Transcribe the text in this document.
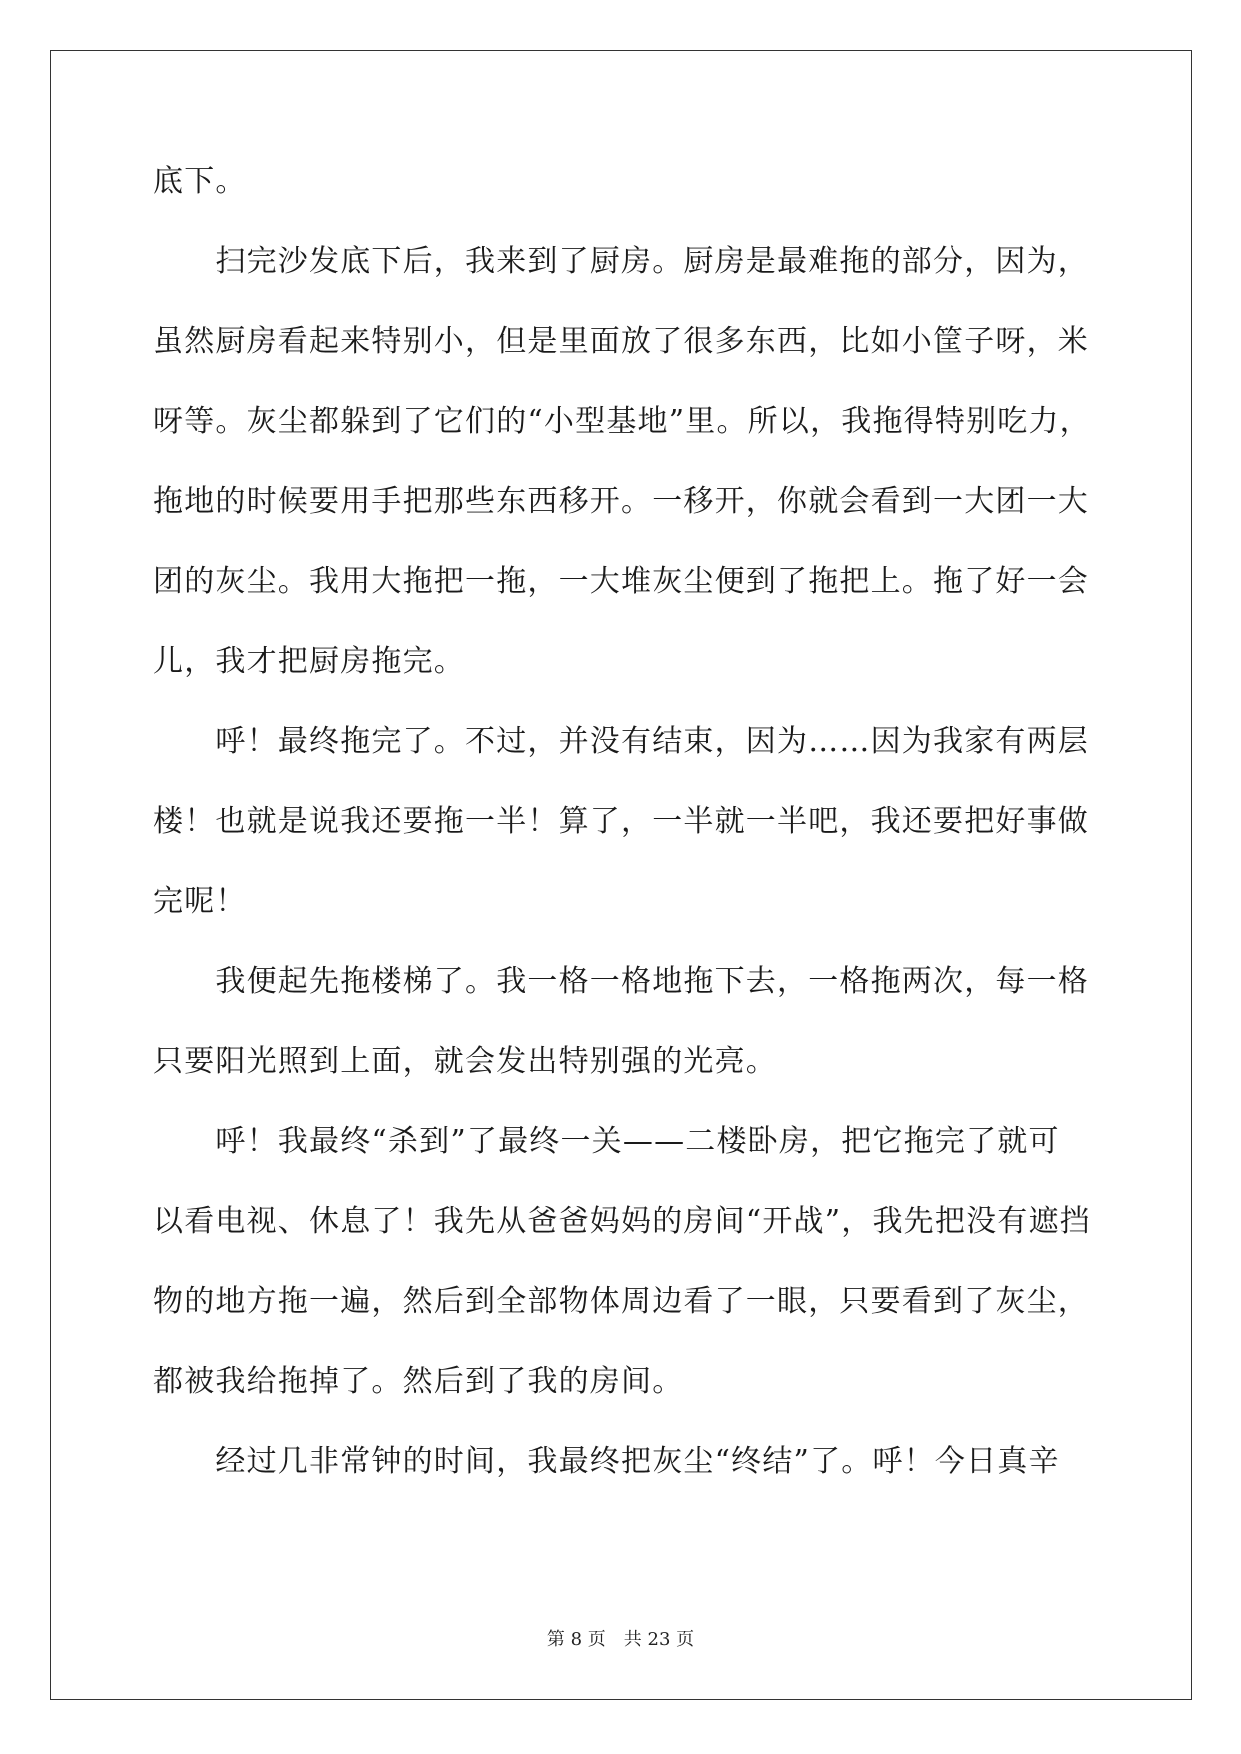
底下。
　　扫完沙发底下后，我来到了厨房。厨房是最难拖的部分，因为，
虽然厨房看起来特别小，但是里面放了很多东西，比如小筐子呀，米
呀等。灰尘都躲到了它们的“小型基地”里。所以，我拖得特别吃力，
拖地的时候要用手把那些东西移开。一移开，你就会看到一大团一大
团的灰尘。我用大拖把一拖，一大堆灰尘便到了拖把上。拖了好一会
儿，我才把厨房拖完。
　　呼！最终拖完了。不过，并没有结束，因为……因为我家有两层
楼！也就是说我还要拖一半！算了，一半就一半吧，我还要把好事做
完呢！
　　我便起先拖楼梯了。我一格一格地拖下去，一格拖两次，每一格
只要阳光照到上面，就会发出特别强的光亮。
　　呼！我最终“杀到”了最终一关——二楼卧房，把它拖完了就可
以看电视、休息了！我先从爸爸妈妈的房间“开战”，我先把没有遮挡
物的地方拖一遍，然后到全部物体周边看了一眼，只要看到了灰尘，
都被我给拖掉了。然后到了我的房间。
　　经过几非常钟的时间，我最终把灰尘“终结”了。呼！今日真辛
第 8 页　共 23 页
